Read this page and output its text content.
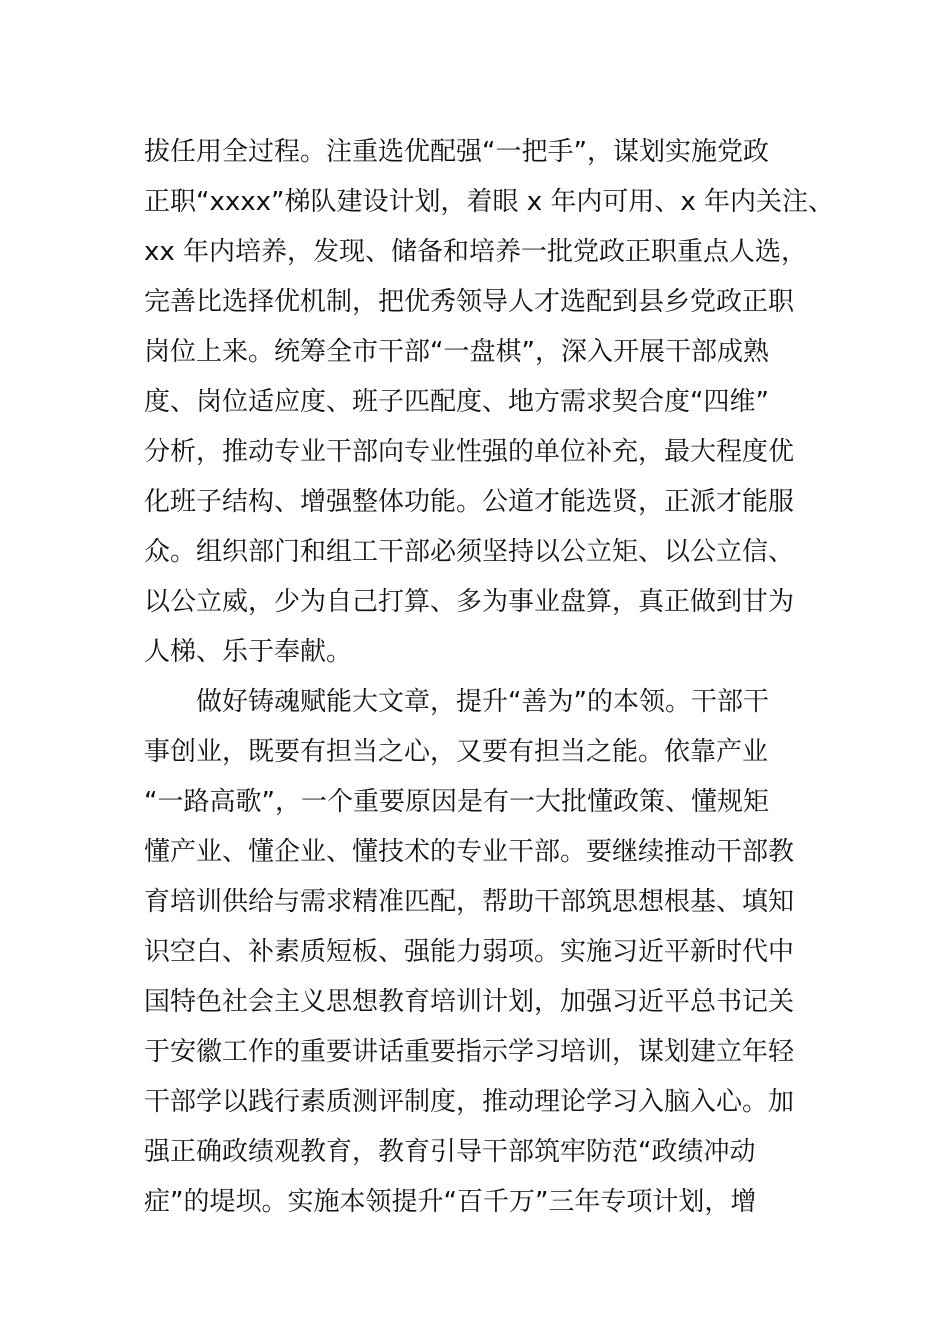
拔任用全过程。注重选优配强“一把手”，谋划实施党政
正职“xxxx”梯队建设计划，着眼 x 年内可用、x 年内关注、
xx 年内培养，发现、储备和培养一批党政正职重点人选，
完善比选择优机制，把优秀领导人才选配到县乡党政正职
岗位上来。统筹全市干部“一盘棋”，深入开展干部成熟
度、岗位适应度、班子匹配度、地方需求契合度“四维”
分析，推动专业干部向专业性强的单位补充，最大程度优
化班子结构、增强整体功能。公道才能选贤，正派才能服
众。组织部门和组工干部必须坚持以公立矩、以公立信、
以公立威，少为自己打算、多为事业盘算，真正做到甘为
人梯、乐于奉献。
做好铸魂赋能大文章，提升“善为”的本领。干部干
事创业，既要有担当之心，又要有担当之能。依靠产业
“一路高歌”，一个重要原因是有一大批懂政策、懂规矩
懂产业、懂企业、懂技术的专业干部。要继续推动干部教
育培训供给与需求精准匹配，帮助干部筑思想根基、填知
识空白、补素质短板、强能力弱项。实施习近平新时代中
国特色社会主义思想教育培训计划，加强习近平总书记关
于安徽工作的重要讲话重要指示学习培训，谋划建立年轻
干部学以践行素质测评制度，推动理论学习入脑入心。加
强正确政绩观教育，教育引导干部筑牢防范“政绩冲动
症”的堤坝。实施本领提升“百千万”三年专项计划，增
